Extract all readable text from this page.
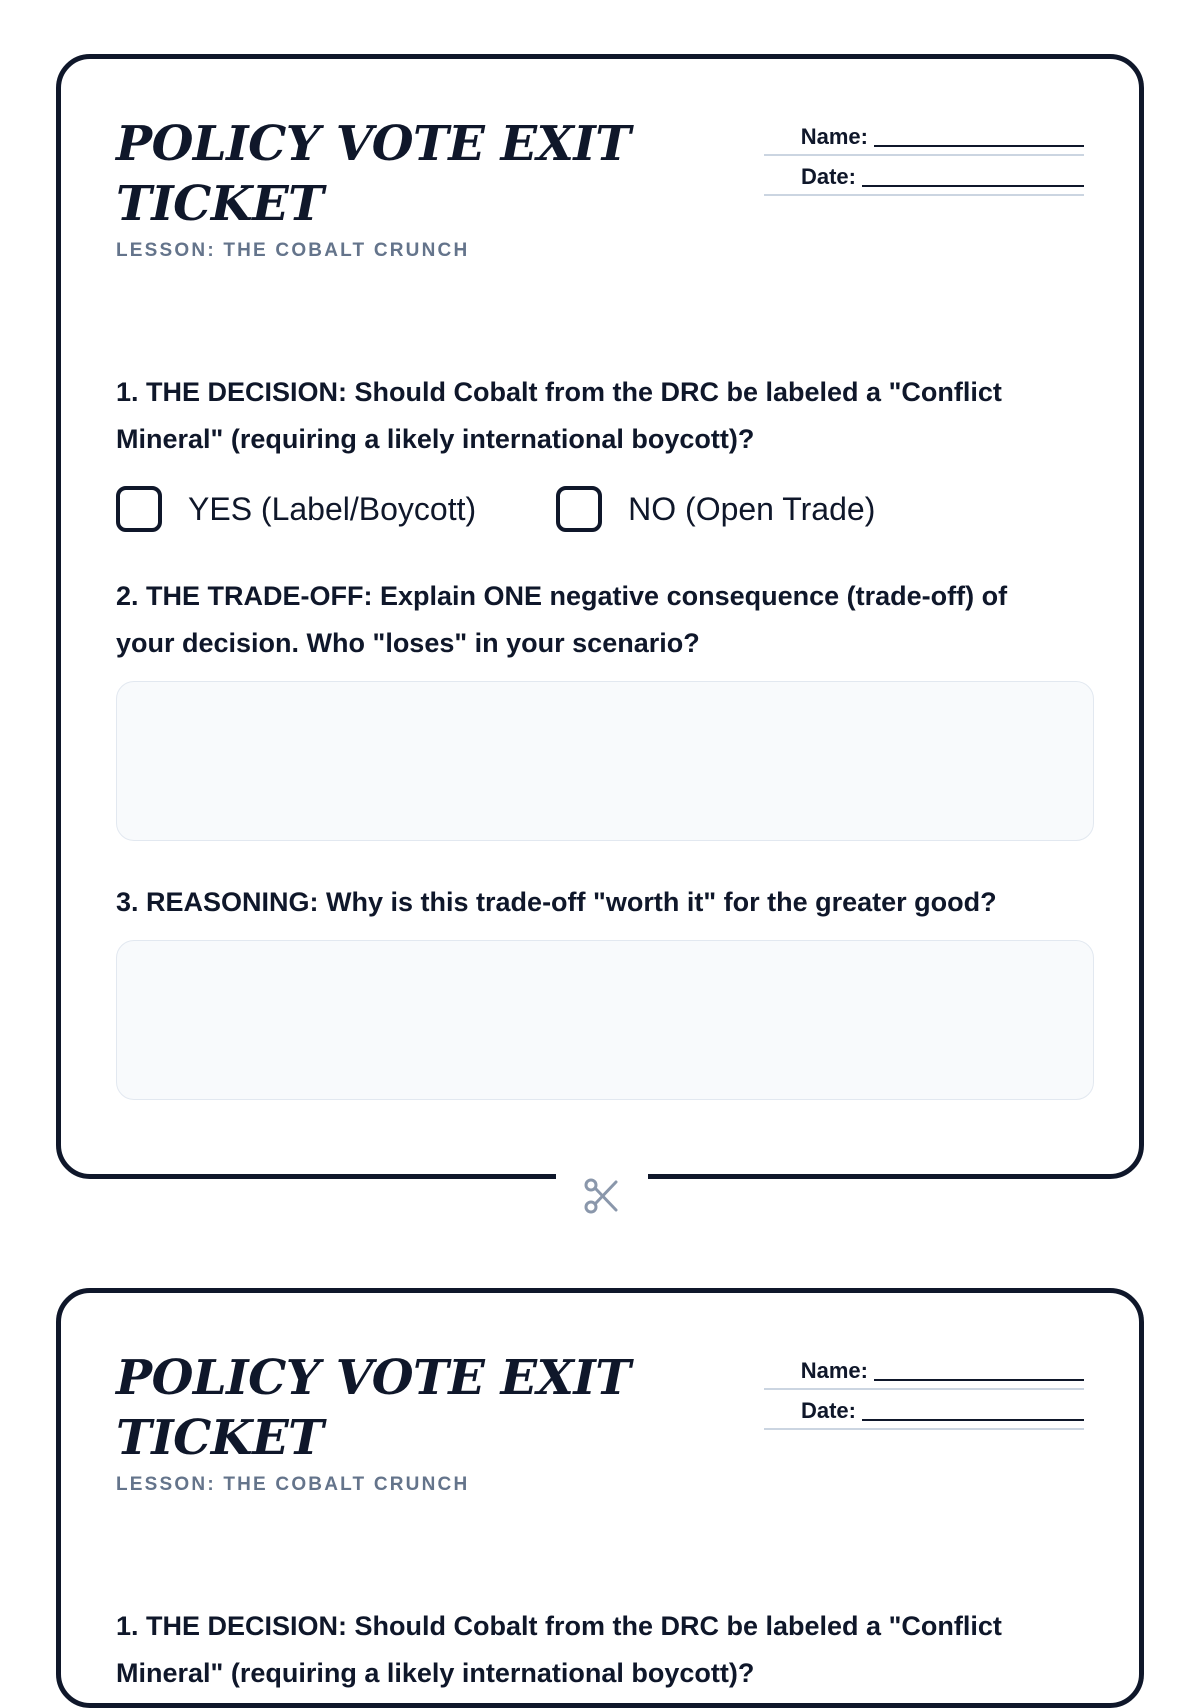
POLICY VOTE EXIT TICKET
LESSON: THE COBALT CRUNCH
Name:
Date:

1. THE DECISION: Should Cobalt from the DRC be labeled a "Conflict Mineral" (requiring a likely international boycott)?

YES (Label/Boycott)	NO (Open Trade)

2. THE TRADE-OFF: Explain ONE negative consequence (trade-off) of your decision. Who "loses" in your scenario?

3. REASONING: Why is this trade-off "worth it" for the greater good?

POLICY VOTE EXIT TICKET
LESSON: THE COBALT CRUNCH
Name:
Date:

1. THE DECISION: Should Cobalt from the DRC be labeled a "Conflict Mineral" (requiring a likely international boycott)?
